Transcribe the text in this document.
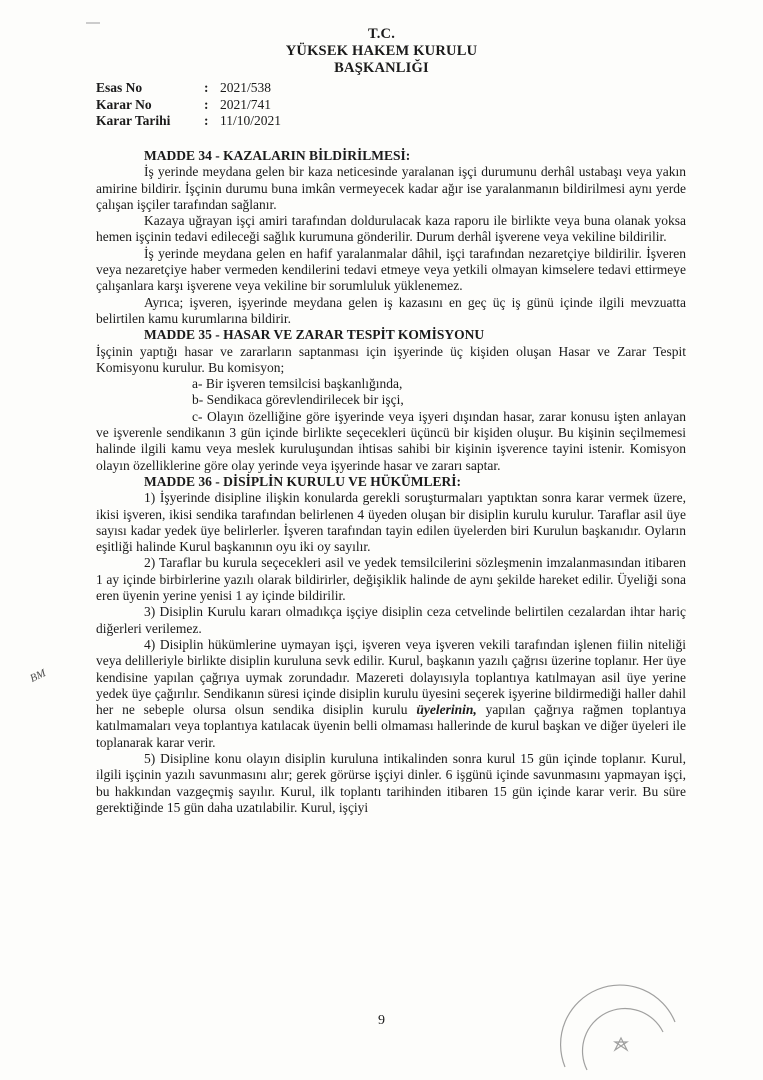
T.C.
YÜKSEK HAKEM KURULU
BAŞKANLIĞI
Esas No	: 2021/538
Karar No	: 2021/741
Karar Tarihi	: 11/10/2021

MADDE 34 - KAZALARIN BİLDİRİLMESİ:

İş yerinde meydana gelen bir kaza neticesinde yaralanan işçi durumunu derhâl ustabaşı veya yakın amirine bildirir. İşçinin durumu buna imkân vermeyecek kadar ağır ise yaralanmanın bildirilmesi aynı yerde çalışan işçiler tarafından sağlanır.

Kazaya uğrayan işçi amiri tarafından doldurulacak kaza raporu ile birlikte veya buna olanak yoksa hemen işçinin tedavi edileceği sağlık kurumuna gönderilir. Durum derhâl işverene veya vekiline bildirilir.

İş yerinde meydana gelen en hafif yaralanmalar dâhil, işçi tarafından nezaretçiye bildirilir. İşveren veya nezaretçiye haber vermeden kendilerini tedavi etmeye veya yetkili olmayan kimselere tedavi ettirmeye çalışanlara karşı işverene veya vekiline bir sorumluluk yüklenemez.

Ayrıca; işveren, işyerinde meydana gelen iş kazasını en geç üç iş günü içinde ilgili mevzuatta belirtilen kamu kurumlarına bildirir.

MADDE 35 - HASAR VE ZARAR TESPİT KOMİSYONU

İşçinin yaptığı hasar ve zararların saptanması için işyerinde üç kişiden oluşan Hasar ve Zarar Tespit Komisyonu kurulur. Bu komisyon;

a- Bir işveren temsilcisi başkanlığında,

b- Sendikaca görevlendirilecek bir işçi,

c- Olayın özelliğine göre işyerinde veya işyeri dışından hasar, zarar konusu işten anlayan ve işverenle sendikanın 3 gün içinde birlikte seçecekleri üçüncü bir kişiden oluşur. Bu kişinin seçilmemesi halinde ilgili kamu veya meslek kuruluşundan ihtisas sahibi bir kişinin işverence tayini istenir. Komisyon olayın özelliklerine göre olay yerinde veya işyerinde hasar ve zararı saptar.

MADDE 36 - DİSİPLİN KURULU VE HÜKÜMLERİ:

1) İşyerinde disipline ilişkin konularda gerekli soruşturmaları yaptıktan sonra karar vermek üzere, ikisi işveren, ikisi sendika tarafından belirlenen 4 üyeden oluşan bir disiplin kurulu kurulur. Taraflar asil üye sayısı kadar yedek üye belirlerler. İşveren tarafından tayin edilen üyelerden biri Kurulun başkanıdır. Oyların eşitliği halinde Kurul başkanının oyu iki oy sayılır.

2) Taraflar bu kurula seçecekleri asil ve yedek temsilcilerini sözleşmenin imzalanmasından itibaren 1 ay içinde birbirlerine yazılı olarak bildirirler, değişiklik halinde de aynı şekilde hareket edilir. Üyeliği sona eren üyenin yerine yenisi 1 ay içinde bildirilir.

3) Disiplin Kurulu kararı olmadıkça işçiye disiplin ceza cetvelinde belirtilen cezalardan ihtar hariç diğerleri verilemez.

4) Disiplin hükümlerine uymayan işçi, işveren veya işveren vekili tarafından işlenen fiilin niteliği veya delilleriyle birlikte disiplin kuruluna sevk edilir. Kurul, başkanın yazılı çağrısı üzerine toplanır. Her üye kendisine yapılan çağrıya uymak zorundadır. Mazereti dolayısıyla toplantıya katılmayan asil üye yerine yedek üye çağırılır. Sendikanın süresi içinde disiplin kurulu üyesini seçerek işyerine bildirmediği haller dahil her ne sebeple olursa olsun sendika disiplin kurulu üyelerinin, yapılan çağrıya rağmen toplantıya katılmamaları veya toplantıya katılacak üyenin belli olmaması hallerinde de kurul başkan ve diğer üyeleri ile toplanarak karar verir.

5) Disipline konu olayın disiplin kuruluna intikalinden sonra kurul 15 gün içinde toplanır. Kurul, ilgili işçinin yazılı savunmasını alır; gerek görürse işçiyi dinler. 6 işgünü içinde savunmasını yapmayan işçi, bu hakkından vazgeçmiş sayılır. Kurul, ilk toplantı tarihinden itibaren 15 gün içinde karar verir. Bu süre gerektiğinde 15 gün daha uzatılabilir. Kurul, işçiyi

BM
9
